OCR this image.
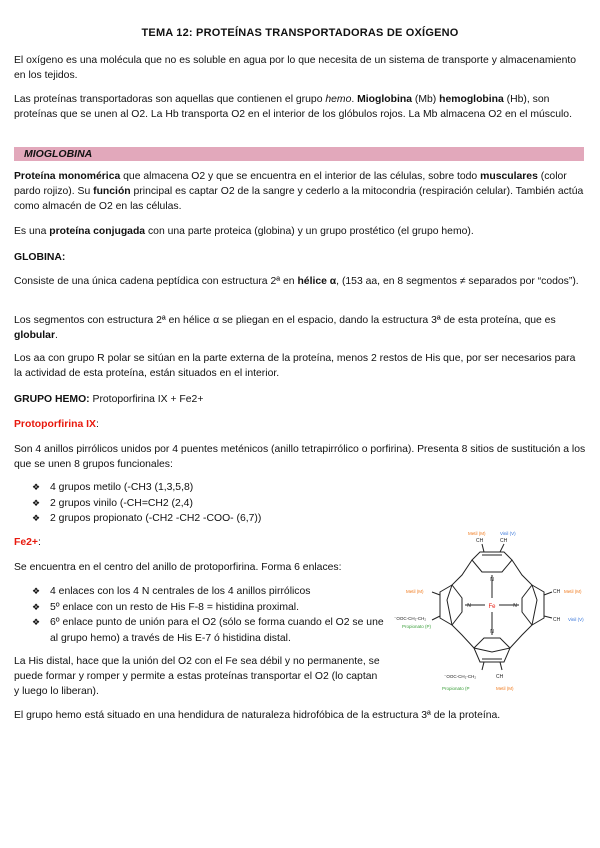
TEMA 12: PROTEÍNAS TRANSPORTADORAS DE OXÍGENO

El oxígeno es una molécula que no es soluble en agua por lo que necesita de un sistema de transporte y almacenamiento en los tejidos.

Las proteínas transportadoras son aquellas que contienen el grupo hemo. Mioglobina (Mb) hemoglobina (Hb), son proteínas que se unen al O2. La Hb transporta O2 en el interior de los glóbulos rojos. La Mb almacena O2 en el músculo.

MIOGLOBINA

Proteína monomérica que almacena O2 y que se encuentra en el interior de las células, sobre todo musculares (color pardo rojizo). Su función principal es captar O2 de la sangre y cederlo a la mitocondria (respiración celular). También actúa como almacén de O2 en las células.

Es una proteína conjugada con una parte proteica (globina) y un grupo prostético (el grupo hemo).

GLOBINA:

Consiste de una única cadena peptídica con estructura 2ª en hélice α, (153 aa, en 8 segmentos ≠ separados por “codos”).

Los segmentos con estructura 2ª en hélice α se pliegan en el espacio, dando la estructura 3ª de esta proteína, que es globular.

Los aa con grupo R polar se sitúan en la parte externa de la proteína, menos 2 restos de His que, por ser necesarios para la actividad de esta proteína, están situados en el interior.

GRUPO HEMO: Protoporfirina IX + Fe2+

Protoporfirina IX:

Son 4 anillos pirrólicos unidos por 4 puentes meténicos (anillo tetrapirrólico o porfirina). Presenta 8 sitios de sustitución a los que se unen 8 grupos funcionales:

❖ 4 grupos metilo (-CH3 (1,3,5,8)
❖ 2 grupos vinilo (-CH=CH2 (2,4)
❖ 2 grupos propionato (-CH2 -CH2 -COO- (6,7))

Fe2+:

Se encuentra en el centro del anillo de protoporfirina. Forma 6 enlaces:

❖ 4 enlaces con los 4 N centrales de los 4 anillos pirrólicos
❖ 5º enlace con un resto de His F-8 = histidina proximal.
❖ 6º enlace punto de unión para el O2 (sólo se forma cuando el O2 se une al grupo hemo) a través de His E-7 ó histidina distal.

La His distal, hace que la unión del O2 con el Fe sea débil y no permanente, se puede formar y romper y permite a estas proteínas transportar el O2 (lo captan y luego lo liberan).

El grupo hemo está situado en una hendidura de naturaleza hidrofóbica de la estructura 3ª de la proteína.

Fe
N
N
N	N
Metil (M)	Vinil (V)
CH	CH
CH Metil (M)
CH Vinil (V)
Metil (M)
⁻OOC-CH₂-CH₂
Propionato (P)
⁻OOC-CH₂-CH₂
Propionato (P
CH
Metil (M)
